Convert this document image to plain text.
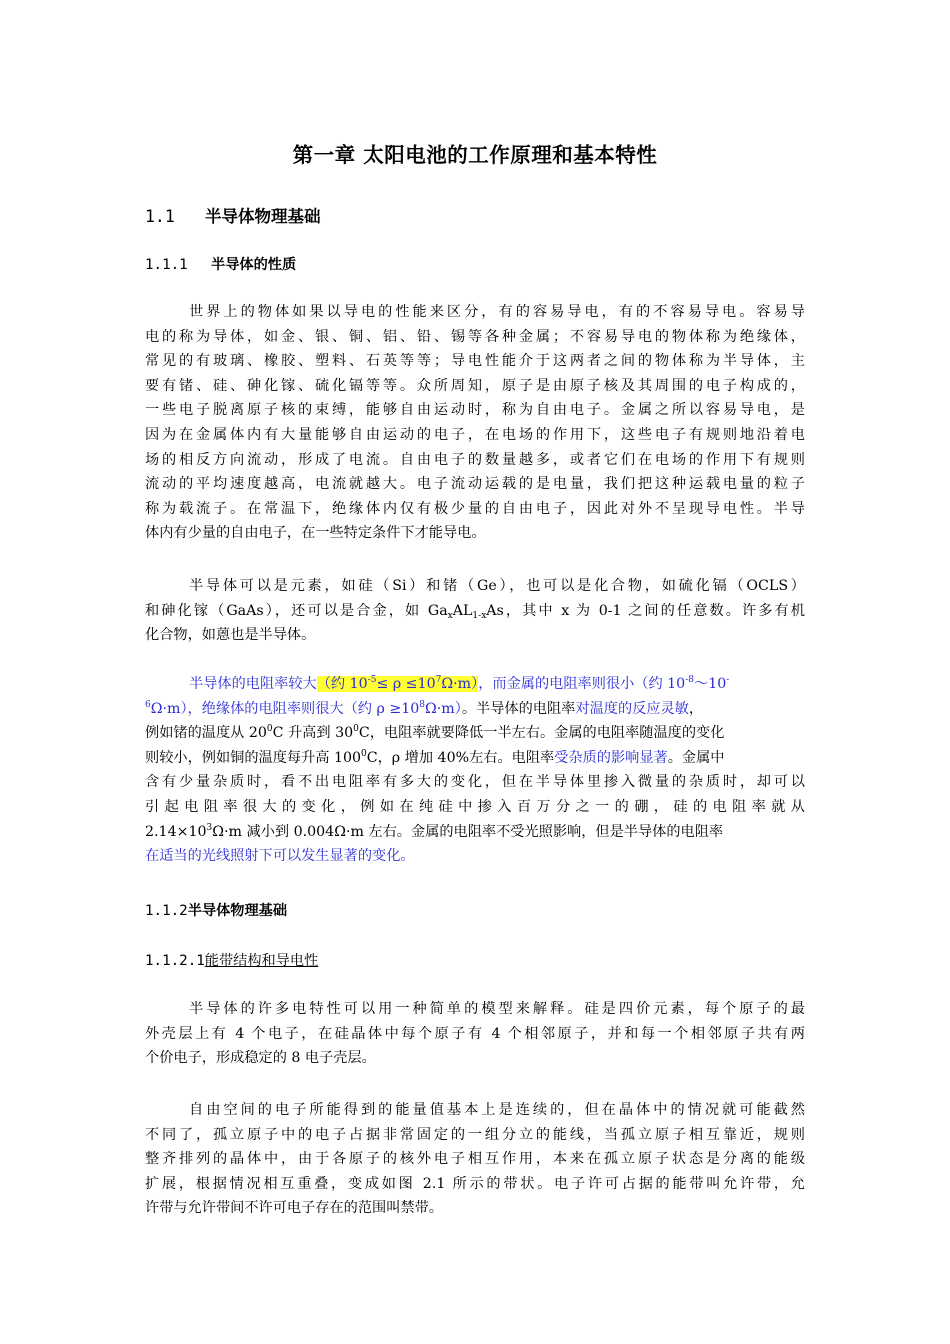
第一章 太阳电池的工作原理和基本特性
1.1 半导体物理基础
1.1.1 半导体的性质
世界上的物体如果以导电的性能来区分，有的容易导电，有的不容易导电。容易导
电的称为导体，如金、银、铜、铝、铅、锡等各种金属；不容易导电的物体称为绝缘体，
常见的有玻璃、橡胶、塑料、石英等等；导电性能介于这两者之间的物体称为半导体，主
要有锗、硅、砷化镓、硫化镉等等。众所周知，原子是由原子核及其周围的电子构成的，
一些电子脱离原子核的束缚，能够自由运动时，称为自由电子。金属之所以容易导电，是
因为在金属体内有大量能够自由运动的电子，在电场的作用下，这些电子有规则地沿着电
场的相反方向流动，形成了电流。自由电子的数量越多，或者它们在电场的作用下有规则
流动的平均速度越高，电流就越大。电子流动运载的是电量，我们把这种运载电量的粒子
称为载流子。在常温下，绝缘体内仅有极少量的自由电子，因此对外不呈现导电性。半导
体内有少量的自由电子，在一些特定条件下才能导电。
半导体可以是元素，如硅（Si）和锗（Ge），也可以是化合物，如硫化镉（OCLS）
和砷化镓（GaAs），还可以是合金，如 $Ga_xAL_{1-x}As$，其中 x 为 0-1 之间的任意数。许多有机
化合物，如蒽也是半导体。
半导体的电阻率较大（约 $10^{-5}\le \rho \le 10^7\Omega\cdot m$），而金属的电阻率则很小（约 $10^{-8}\sim 10^-$
$^6$Ω·m），绝缘体的电阻率则很大（约 $\rho \ge 10^8\Omega\cdot m$）。半导体的电阻率对温度的反应灵敏，
例如锗的温度从 $20^0C$ 升高到 $30^0C$，电阻率就要降低一半左右。金属的电阻率随温度的变化
则较小，例如铜的温度每升高 $100^0C$，ρ 增加 40%左右。电阻率受杂质的影响显著。金属中
含有少量杂质时，看不出电阻率有多大的变化，但在半导体里掺入微量的杂质时，却可以
引起电阻率很大的变化，例如在纯硅中掺入百万分之一的硼，硅的电阻率就从
$2.14\times 10^3\Omega\cdot m$ 减小到 0.004Ω·m 左右。金属的电阻率不受光照影响，但是半导体的电阻率
在适当的光线照射下可以发生显著的变化。
1.1.2半导体物理基础
1.1.2.1能带结构和导电性
半导体的许多电特性可以用一种简单的模型来解释。硅是四价元素，每个原子的最
外壳层上有 4 个电子，在硅晶体中每个原子有 4 个相邻原子，并和每一个相邻原子共有两
个价电子，形成稳定的 8 电子壳层。
自由空间的电子所能得到的能量值基本上是连续的，但在晶体中的情况就可能截然
不同了，孤立原子中的电子占据非常固定的一组分立的能线，当孤立原子相互靠近，规则
整齐排列的晶体中，由于各原子的核外电子相互作用，本来在孤立原子状态是分离的能级
扩展，根据情况相互重叠，变成如图 2.1 所示的带状。电子许可占据的能带叫允许带，允
许带与允许带间不许可电子存在的范围叫禁带。
